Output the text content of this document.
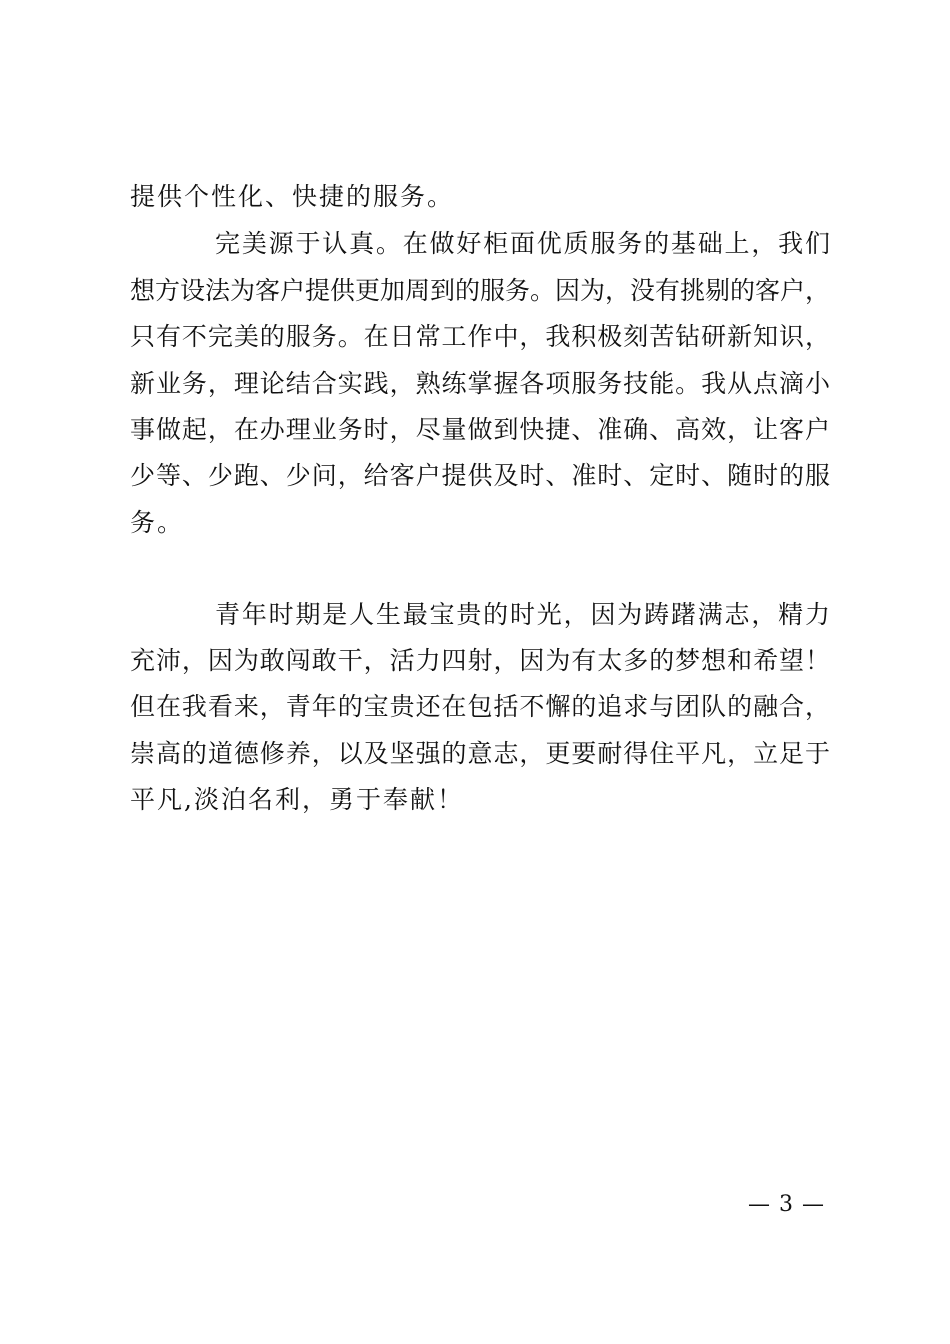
提供个性化、快捷的服务。
完美源于认真。在做好柜面优质服务的基础上，我们
想方设法为客户提供更加周到的服务。因为，没有挑剔的客户，
只有不完美的服务。在日常工作中，我积极刻苦钻研新知识，
新业务，理论结合实践，熟练掌握各项服务技能。我从点滴小
事做起，在办理业务时，尽量做到快捷、准确、高效，让客户
少等、少跑、少问，给客户提供及时、准时、定时、随时的服
务。
青年时期是人生最宝贵的时光，因为踌躇满志，精力
充沛，因为敢闯敢干，活力四射，因为有太多的梦想和希望！
但在我看来，青年的宝贵还在包括不懈的追求与团队的融合，
崇高的道德修养，以及坚强的意志，更要耐得住平凡，立足于
平凡,淡泊名利，勇于奉献！
— 3 —
